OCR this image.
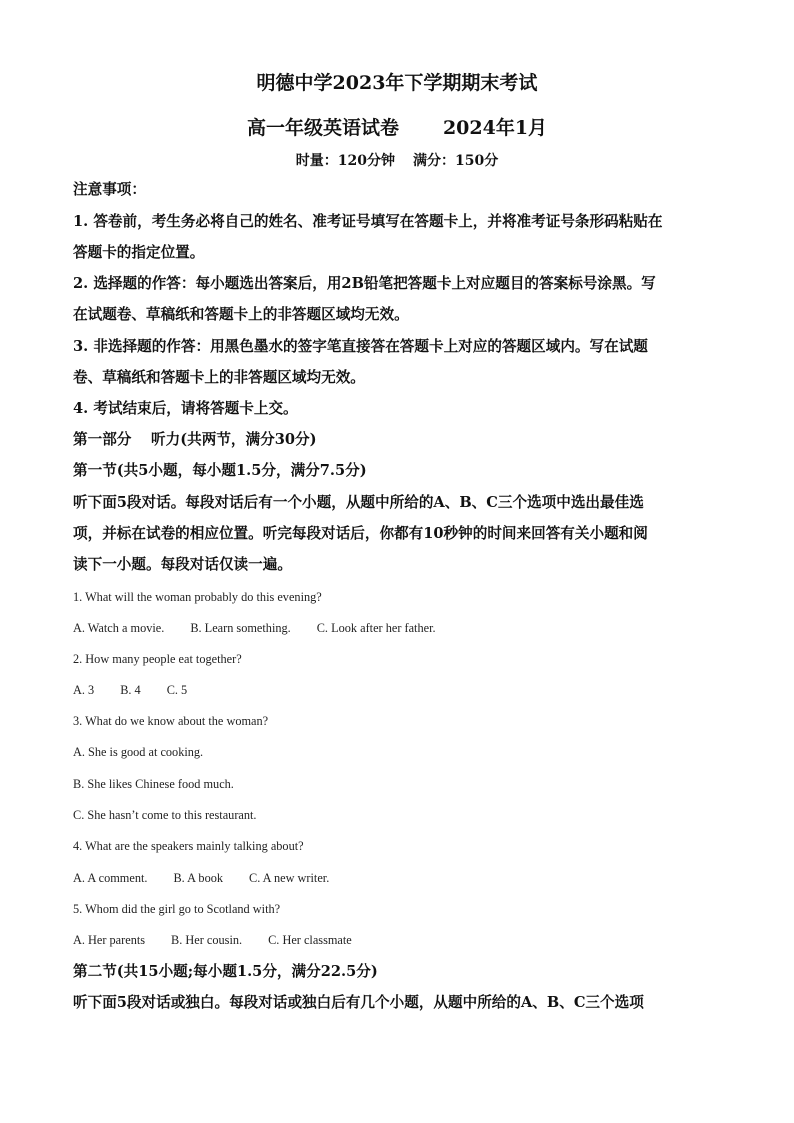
明德中学2023年下学期期末考试
高一年级英语试卷 2024年1月
时量：120分钟 满分：150分
注意事项：
1. 答卷前，考生务必将自己的姓名、准考证号填写在答题卡上，并将准考证号条形码粘贴在
答题卡的指定位置。
2. 选择题的作答：每小题选出答案后，用2B铅笔把答题卡上对应题目的答案标号涂黑。写
在试题卷、草稿纸和答题卡上的非答题区域均无效。
3. 非选择题的作答：用黑色墨水的签字笔直接答在答题卡上对应的答题区域内。写在试题
卷、草稿纸和答题卡上的非答题区域均无效。
4. 考试结束后，请将答题卡上交。
第一部分　 听力(共两节，满分30分)
第一节(共5小题，每小题1.5分，满分7.5分)
听下面5段对话。每段对话后有一个小题，从题中所给的A、B、C三个选项中选出最佳选
项，并标在试卷的相应位置。听完每段对话后，你都有10秒钟的时间来回答有关小题和阅
读下一小题。每段对话仅读一遍。
1. What will the woman probably do this evening?
A. Watch a movie. B. Learn something. C. Look after her father.
2. How many people eat together?
A. 3 B. 4 C. 5
3. What do we know about the woman?
A. She is good at cooking.
B. She likes Chinese food much.
C. She hasn’t come to this restaurant.
4. What are the speakers mainly talking about?
A. A comment. B. A book C. A new writer.
5. Whom did the girl go to Scotland with?
A. Her parents B. Her cousin. C. Her classmate
第二节(共15小题;每小题1.5分，满分22.5分)
听下面5段对话或独白。每段对话或独白后有几个小题，从题中所给的A、B、C三个选项
